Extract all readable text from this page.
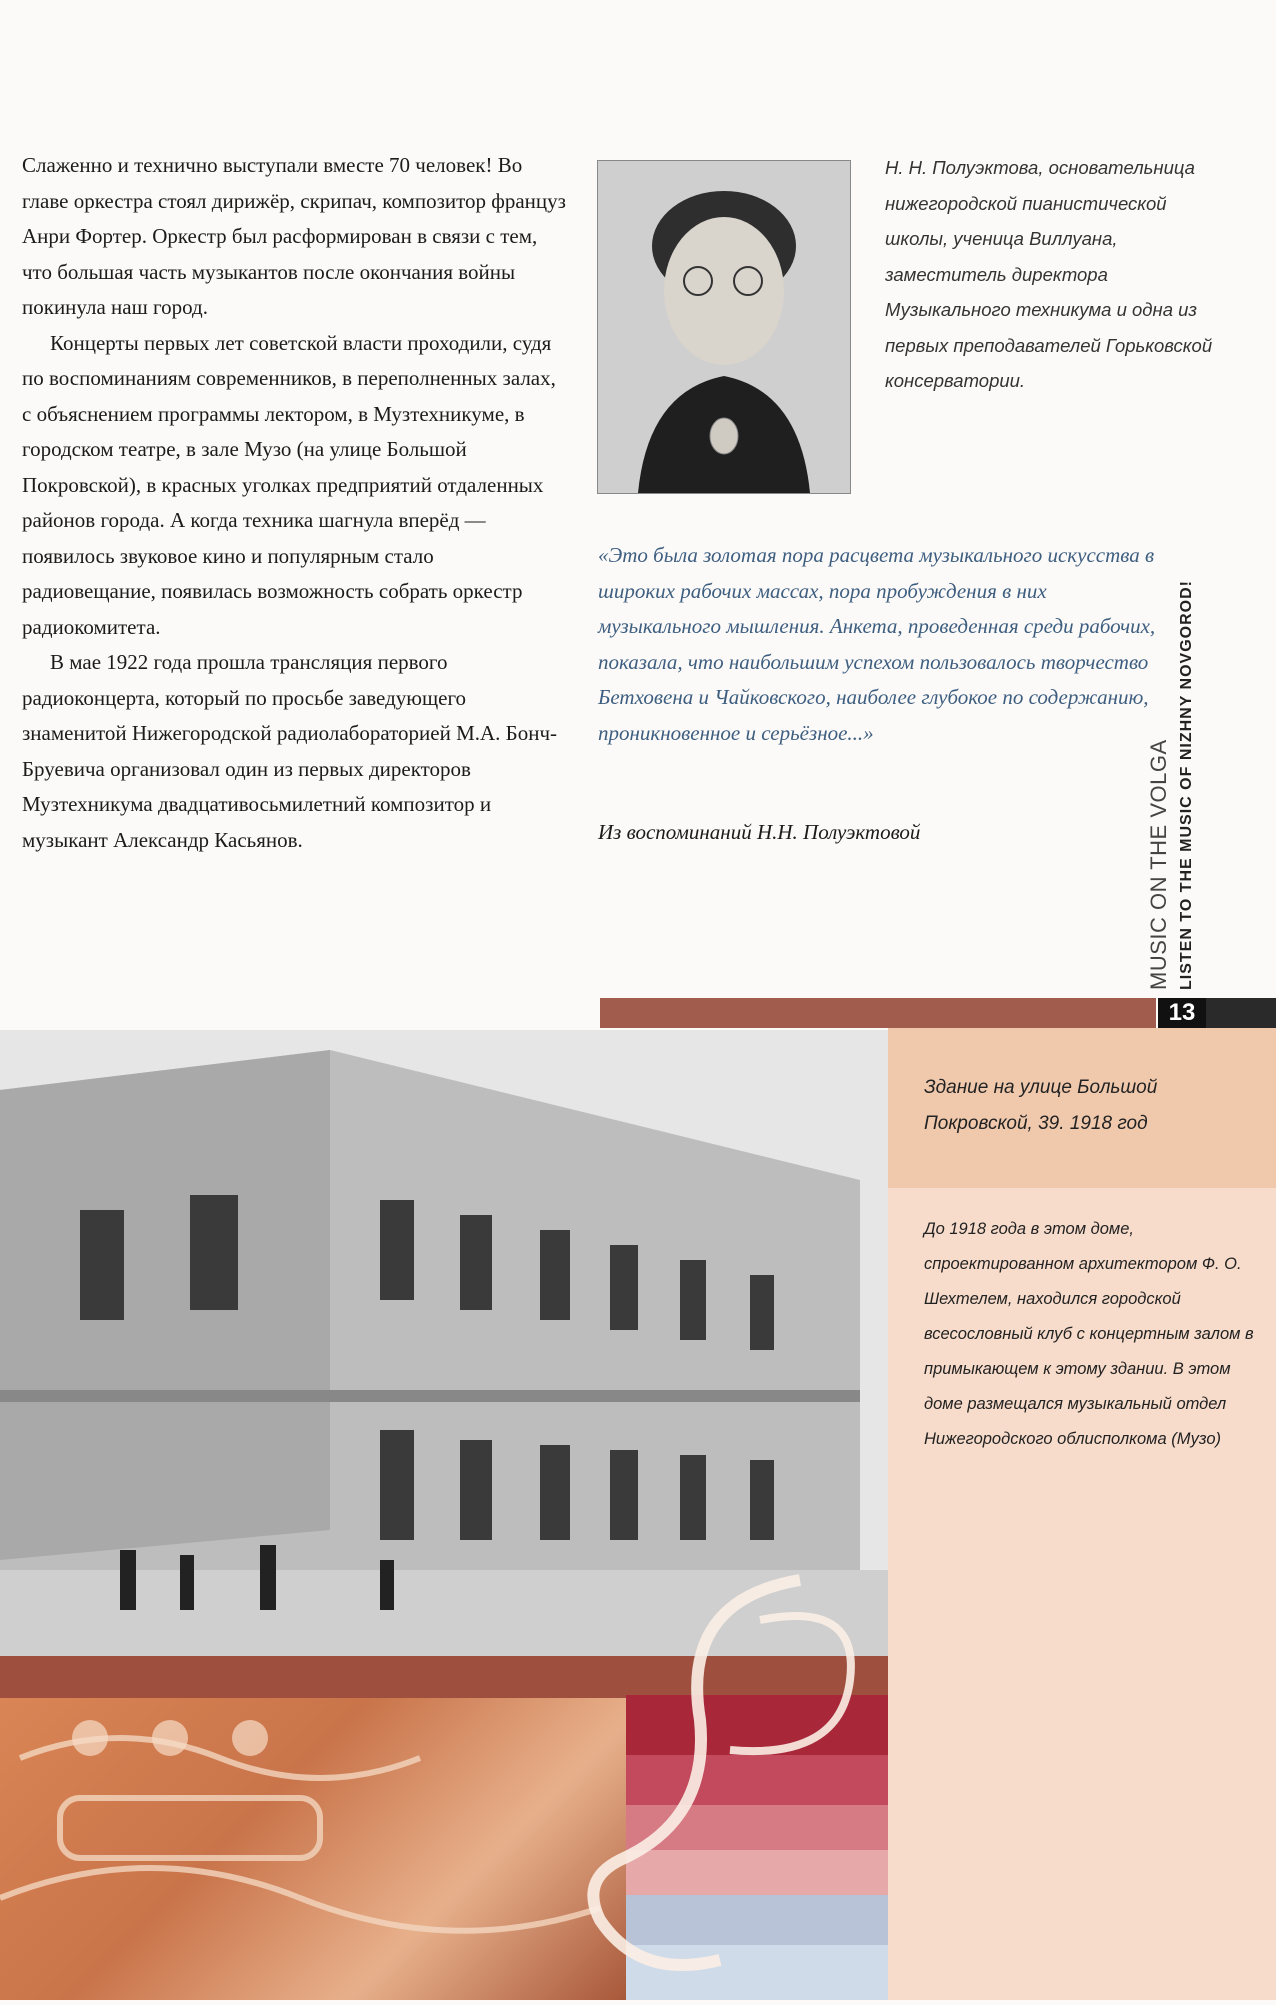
Слаженно и технично выступали вместе 70 человек! Во главе оркестра стоял дирижёр, скрипач, композитор француз Анри Фортер. Оркестр был расформирован в связи с тем, что большая часть музыкантов после окончания войны покинула наш город.

Концерты первых лет советской власти проходили, судя по воспоминаниям современников, в переполненных залах, с объяснением программы лектором, в Музтехникуме, в городском театре, в зале Музо (на улице Большой Покровской), в красных уголках предприятий отдаленных районов города. А когда техника шагнула вперёд — появилось звуковое кино и популярным стало радиовещание, появилась возможность собрать оркестр радиокомитета.

В мае 1922 года прошла трансляция первого радиоконцерта, который по просьбе заведующего знаменитой Нижегородской радиолабораторией М.А. Бонч-Бруевича организовал один из первых директоров Музтехникума двадцативосьмилетний композитор и музыкант Александр Касьянов.

Н. Н. Полуэктова, основательница нижегородской пианистической школы, ученица Виллуана, заместитель директора Музыкального техникума и одна из первых преподавателей Горьковской консерватории.
«Это была золотая пора расцвета музыкального искусства в широких рабочих массах, пора пробуждения в них музыкального мышления. Анкета, проведенная среди рабочих, показала, что наибольшим успехом пользовалось творчество Бетховена и Чайковского, наиболее глубокое по содержанию, проникновенное и серьёзное...»
Из воспоминаний Н.Н. Полуэктовой	MUSIC ON THE VOLGA LISTEN TO THE MUSIC OF NIZHNY NOVGOROD!
13
Здание на улице Большой Покровской, 39. 1918 год
До 1918 года в этом доме, спроектированном архитектором Ф. О. Шехтелем, находился городской всесословный клуб с концертным залом в примыкающем к этому здании. В этом доме размещался музыкальный отдел Нижегородского облисполкома (Музо)
